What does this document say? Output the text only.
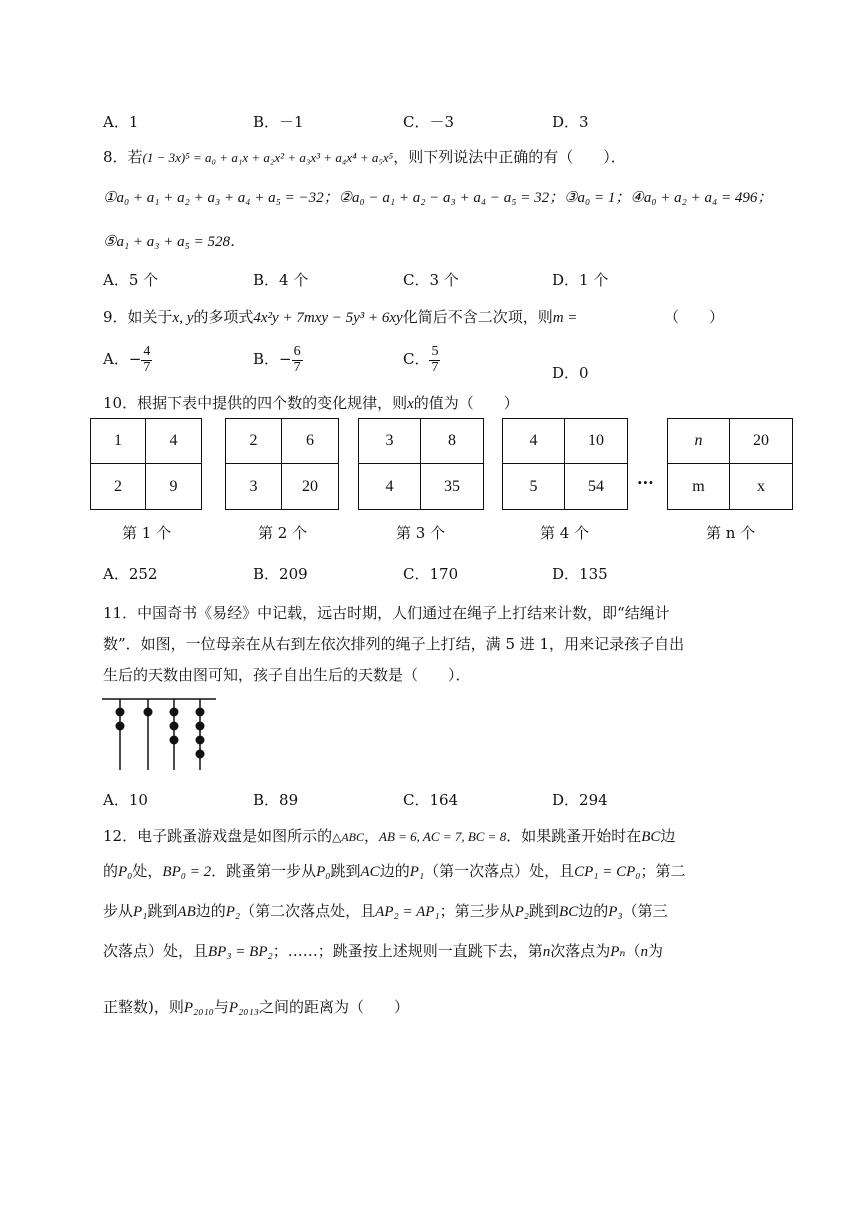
A．1	B．－1	C．－3	D．3
8．若(1 − 3x)⁵ = a₀ + a₁x + a₂x² + a₃x³ + a₄x⁴ + a₅x⁵，则下列说法中正确的有（　　）．
①a₀ + a₁ + a₂ + a₃ + a₄ + a₅ = −32；②a₀ − a₁ + a₂ − a₃ + a₄ − a₅ = 32；③a₀ = 1；④a₀ + a₂ + a₄ = 496；
⑤a₁ + a₃ + a₅ = 528．
A．5 个	B．4 个	C．3 个	D．1 个
9．如关于x, y的多项式4x²y + 7mxy − 5y³ + 6xy化简后不含二次项，则m =	（　　）
A．− $\frac{4}{7}$	B．− $\frac{6}{7}$	C． $\frac{5}{7}$	D．0
10．根据下表中提供的四个数的变化规律，则x的值为（　　）
1	4
2	9
2	6
3	20
3	8
4	35
4	10
5	54	···
n	20
m	x
第 1 个	第 2 个	第 3 个	第 4 个	第 n 个
A．252	B．209	C．170	D．135
11．中国奇书《易经》中记载，远古时期，人们通过在绳子上打结来计数，即“结绳计
数”．如图，一位母亲在从右到左依次排列的绳子上打结，满 5 进 1，用来记录孩子自出
生后的天数由图可知，孩子自出生后的天数是（　　）．
A．10	B．89	C．164	D．294
12．电子跳蚤游戏盘是如图所示的△ABC，AB = 6, AC = 7, BC = 8．如果跳蚤开始时在BC边
的P₀处，BP₀ = 2．跳蚤第一步从P₀跳到AC边的P₁（第一次落点）处，且CP₁ = CP₀；第二
步从P₁跳到AB边的P₂（第二次落点处，且AP₂ = AP₁；第三步从P₂跳到BC边的P₃（第三
次落点）处，且BP₃ = BP₂；……；跳蚤按上述规则一直跳下去，第n次落点为Pₙ（n为
正整数)，则P₂₀₁₀与P₂₀₁₃之间的距离为（　　）
